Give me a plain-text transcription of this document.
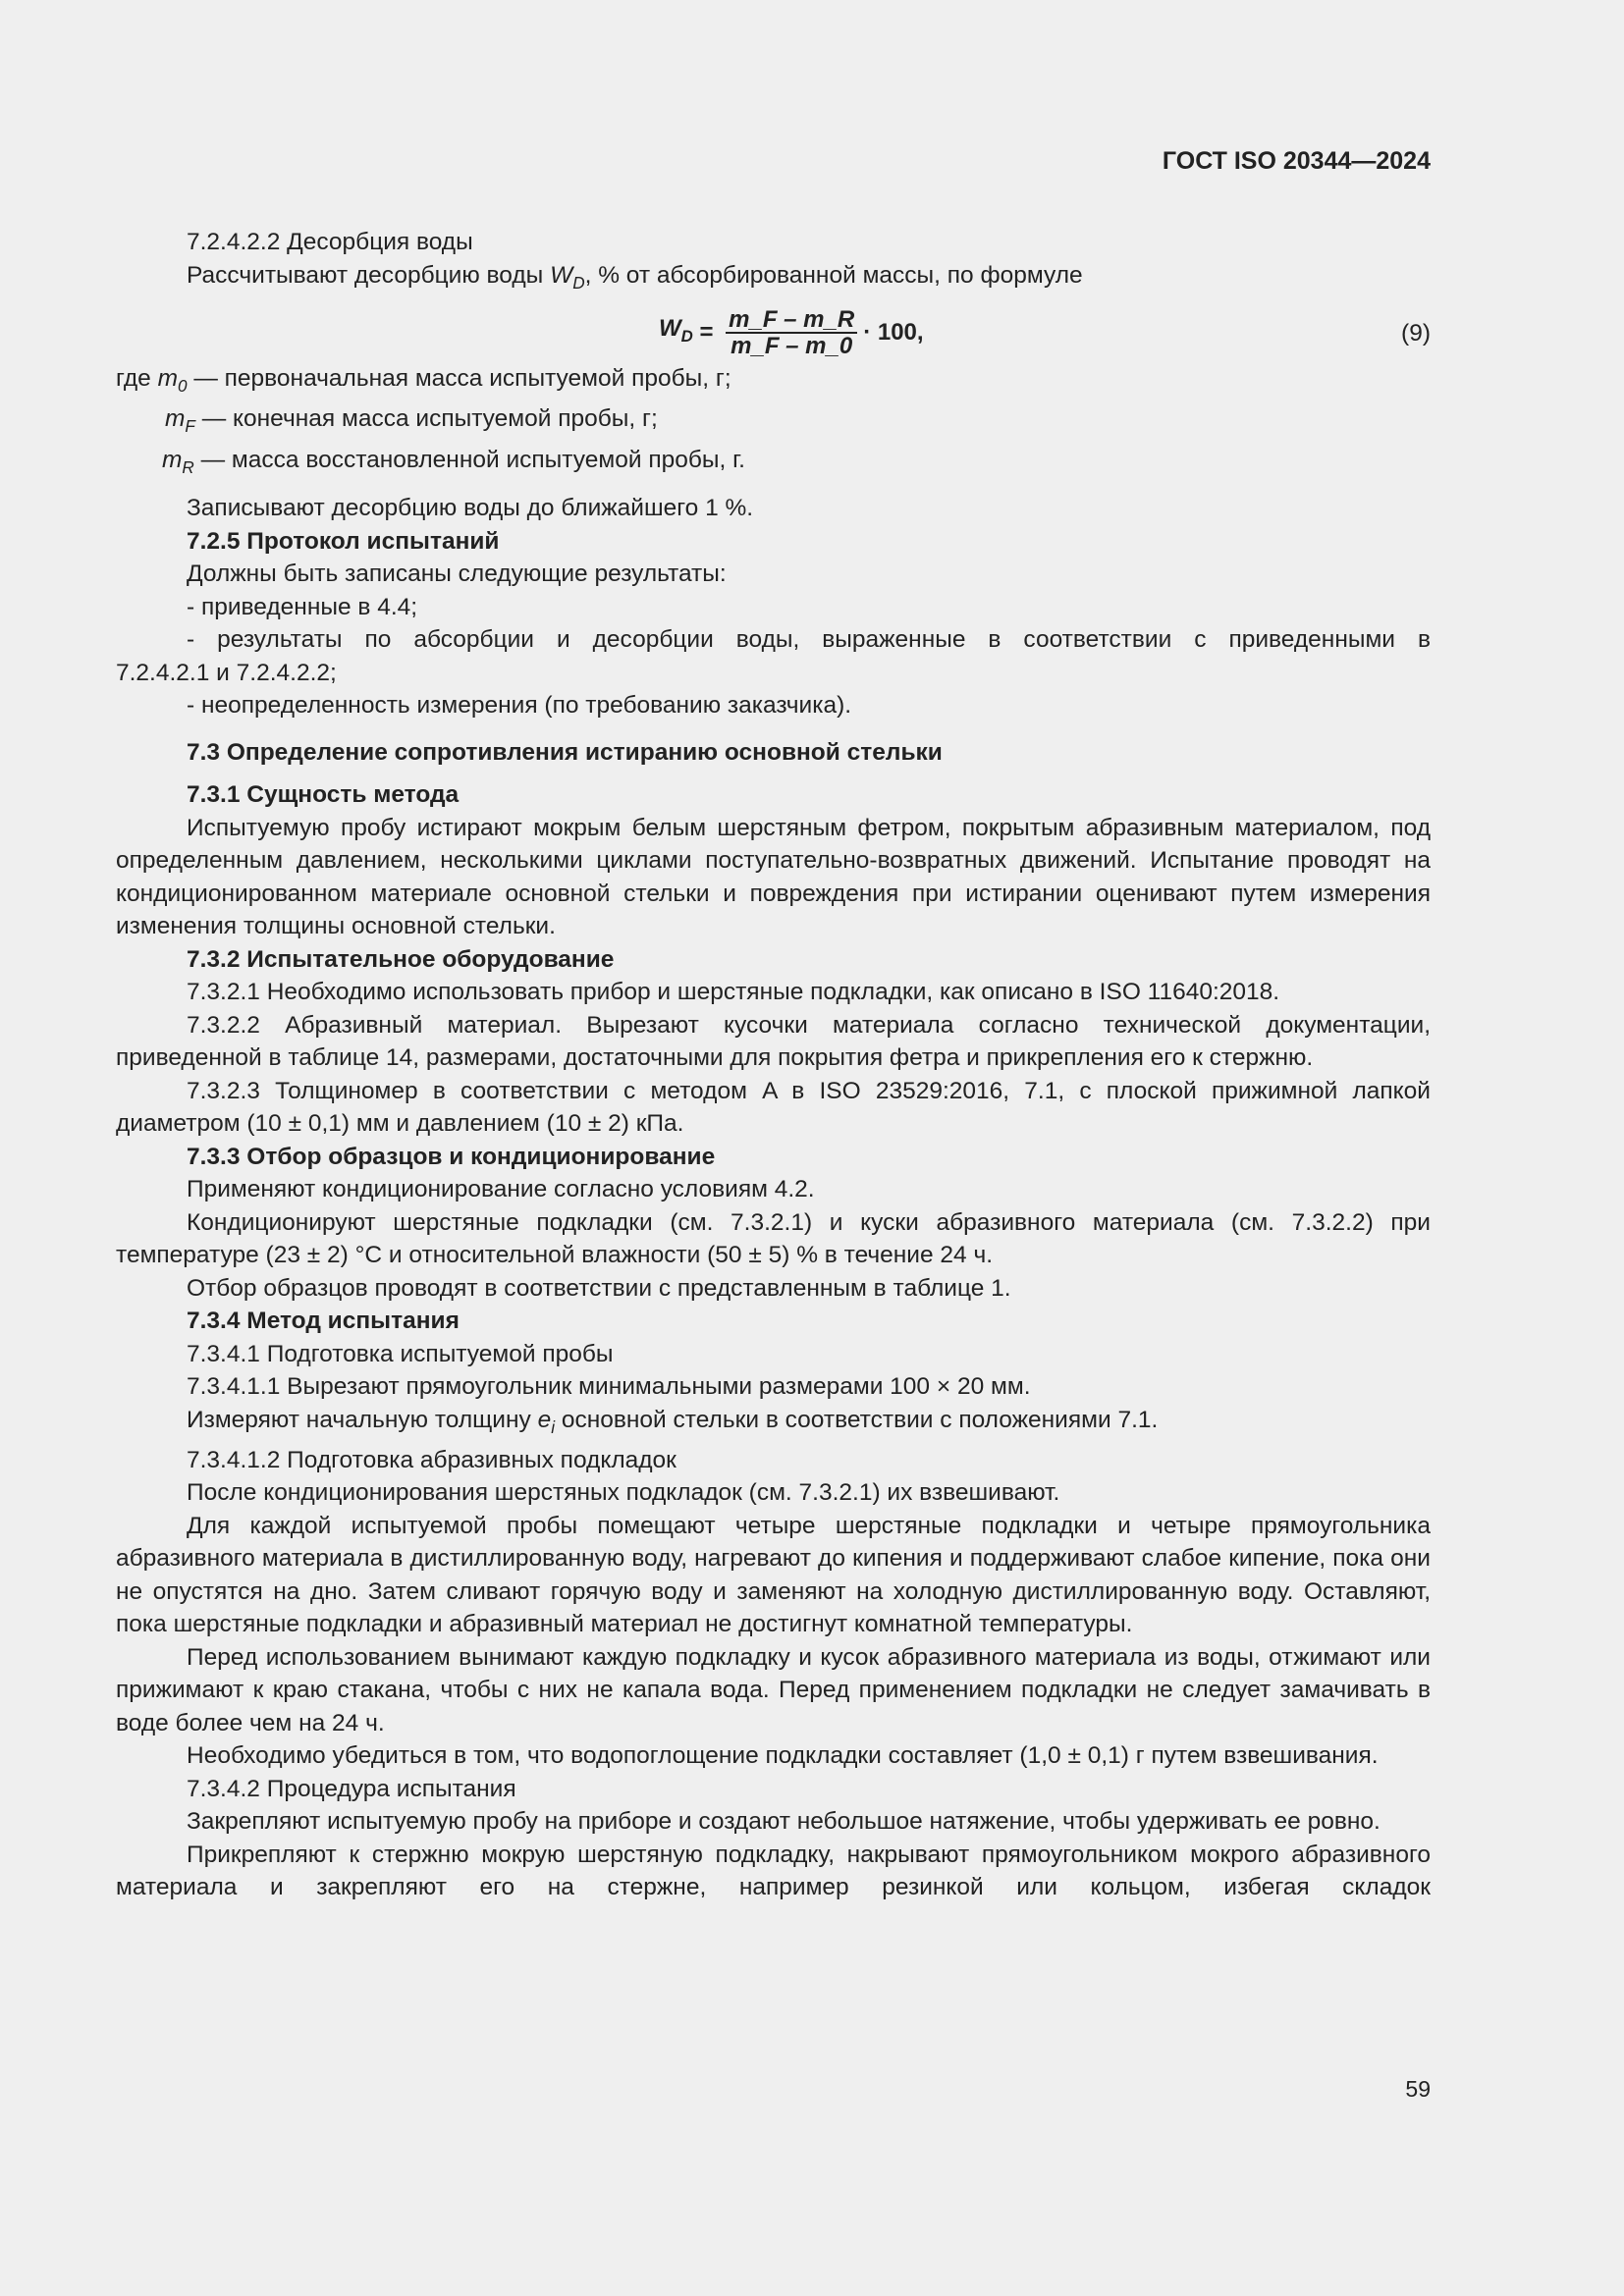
ГОСТ ISO 20344—2024

7.2.4.2.2 Десорбция воды

Рассчитывают десорбцию воды $W_D$, % от абсорбированной массы, по формуле

$W_D = \frac{m\_F - m\_R}{m\_F - m\_0} \cdot 100$,	(9)
где $m_0$ — первоначальная масса испытуемой пробы, г;
$m_F$ — конечная масса испытуемой пробы, г;
$m_R$ — масса восстановленной испытуемой пробы, г.

Записывают десорбцию воды до ближайшего 1 %.

7.2.5 Протокол испытаний

Должны быть записаны следующие результаты:

- приведенные в 4.4;

- результаты по абсорбции и десорбции воды, выраженные в соответствии с приведенными в

7.2.4.2.1 и 7.2.4.2.2;

- неопределенность измерения (по требованию заказчика).

7.3 Определение сопротивления истиранию основной стельки

7.3.1 Сущность метода

Испытуемую пробу истирают мокрым белым шерстяным фетром, покрытым абразивным материалом, под определенным давлением, несколькими циклами поступательно-возвратных движений. Испытание проводят на кондиционированном материале основной стельки и повреждения при истирании оценивают путем измерения изменения толщины основной стельки.

7.3.2 Испытательное оборудование

7.3.2.1 Необходимо использовать прибор и шерстяные подкладки, как описано в ISO 11640:2018.

7.3.2.2 Абразивный материал. Вырезают кусочки материала согласно технической документации, приведенной в таблице 14, размерами, достаточными для покрытия фетра и прикрепления его к стержню.

7.3.2.3 Толщиномер в соответствии с методом A в ISO 23529:2016, 7.1, с плоской прижимной лапкой диаметром (10 ± 0,1) мм и давлением (10 ± 2) кПа.

7.3.3 Отбор образцов и кондиционирование

Применяют кондиционирование согласно условиям 4.2.

Кондиционируют шерстяные подкладки (см. 7.3.2.1) и куски абразивного материала (см. 7.3.2.2) при температуре (23 ± 2) °C и относительной влажности (50 ± 5) % в течение 24 ч.

Отбор образцов проводят в соответствии с представленным в таблице 1.

7.3.4 Метод испытания

7.3.4.1 Подготовка испытуемой пробы

7.3.4.1.1 Вырезают прямоугольник минимальными размерами 100 × 20 мм.

Измеряют начальную толщину $e_i$ основной стельки в соответствии с положениями 7.1.

7.3.4.1.2 Подготовка абразивных подкладок

После кондиционирования шерстяных подкладок (см. 7.3.2.1) их взвешивают.

Для каждой испытуемой пробы помещают четыре шерстяные подкладки и четыре прямоугольника абразивного материала в дистиллированную воду, нагревают до кипения и поддерживают слабое кипение, пока они не опустятся на дно. Затем сливают горячую воду и заменяют на холодную дистиллированную воду. Оставляют, пока шерстяные подкладки и абразивный материал не достигнут комнатной температуры.

Перед использованием вынимают каждую подкладку и кусок абразивного материала из воды, отжимают или прижимают к краю стакана, чтобы с них не капала вода. Перед применением подкладки не следует замачивать в воде более чем на 24 ч.

Необходимо убедиться в том, что водопоглощение подкладки составляет (1,0 ± 0,1) г путем взвешивания.

7.3.4.2 Процедура испытания

Закрепляют испытуемую пробу на приборе и создают небольшое натяжение, чтобы удерживать ее ровно.

Прикрепляют к стержню мокрую шерстяную подкладку, накрывают прямоугольником мокрого абразивного материала и закрепляют его на стержне, например резинкой или кольцом, избегая складок

59
